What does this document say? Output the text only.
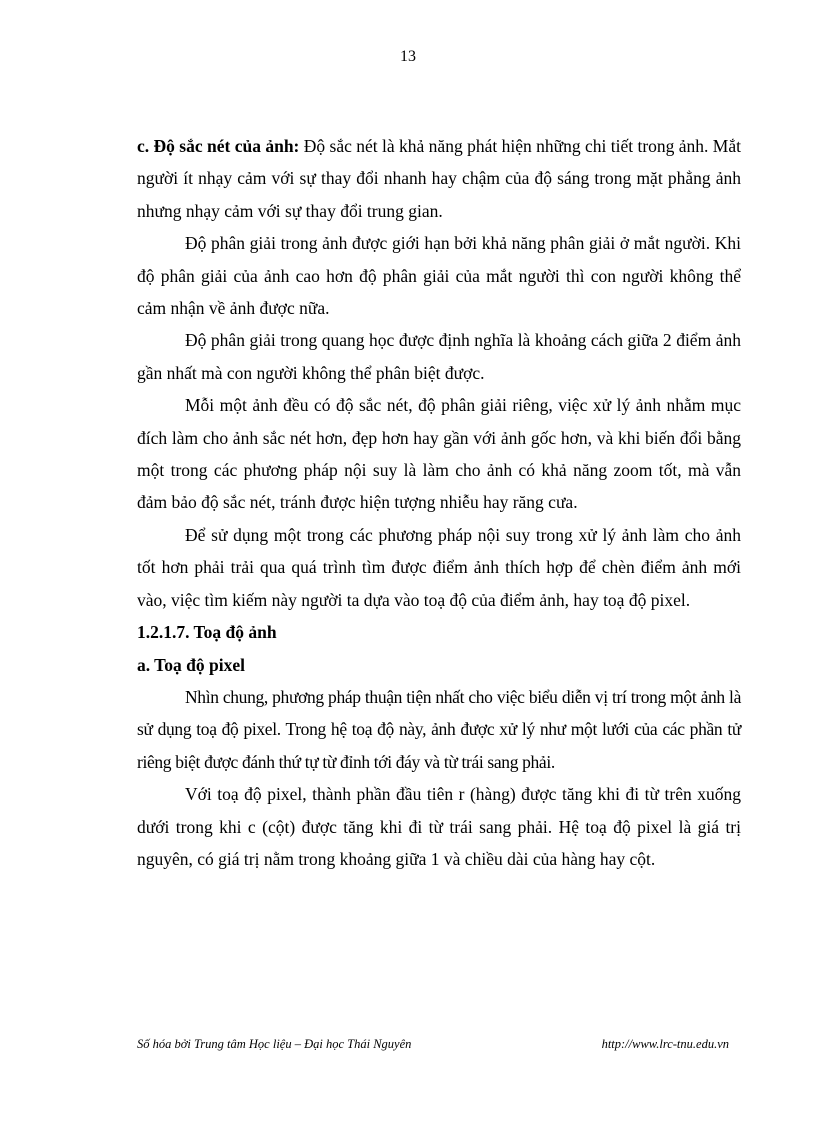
13

c. Độ sắc nét của ảnh: Độ sắc nét là khả năng phát hiện những chi tiết trong ảnh. Mắt người ít nhạy cảm với sự thay đổi nhanh hay chậm của độ sáng trong mặt phẳng ảnh nhưng nhạy cảm với sự thay đổi trung gian.

Độ phân giải trong ảnh được giới hạn bởi khả năng phân giải ở mắt người. Khi độ phân giải của ảnh cao hơn độ phân giải của mắt người thì con người không thể cảm nhận về ảnh được nữa.

Độ phân giải trong quang học được định nghĩa là khoảng cách giữa 2 điểm ảnh gần nhất mà con người không thể phân biệt được.

Mỗi một ảnh đều có độ sắc nét, độ phân giải riêng, việc xử lý ảnh nhằm mục đích làm cho ảnh sắc nét hơn, đẹp hơn hay gần với ảnh gốc hơn, và khi biến đổi bằng một trong các phương pháp nội suy là làm cho ảnh có khả năng zoom tốt, mà vẫn đảm bảo độ sắc nét, tránh được hiện tượng nhiễu hay răng cưa.

Để sử dụng một trong các phương pháp nội suy trong xử lý ảnh làm cho ảnh tốt hơn phải trải qua quá trình tìm được điểm ảnh thích hợp để chèn điểm ảnh mới vào, việc tìm kiếm này người ta dựa vào toạ độ của điểm ảnh, hay toạ độ pixel.

1.2.1.7. Toạ độ ảnh
a. Toạ độ pixel

Nhìn chung, phương pháp thuận tiện nhất cho việc biểu diễn vị trí trong một ảnh là sử dụng toạ độ pixel. Trong hệ toạ độ này, ảnh được xử lý như một lưới của các phần tử riêng biệt được đánh thứ tự từ đỉnh tới đáy và từ trái sang phải.

Với toạ độ pixel, thành phần đầu tiên r (hàng) được tăng khi đi từ trên xuống dưới trong khi c (cột) được tăng khi đi từ trái sang phải. Hệ toạ độ pixel là giá trị nguyên, có giá trị nằm trong khoảng giữa 1 và chiều dài của hàng hay cột.

Số hóa bởi Trung tâm Học liệu – Đại học Thái Nguyên	http://www.lrc-tnu.edu.vn
